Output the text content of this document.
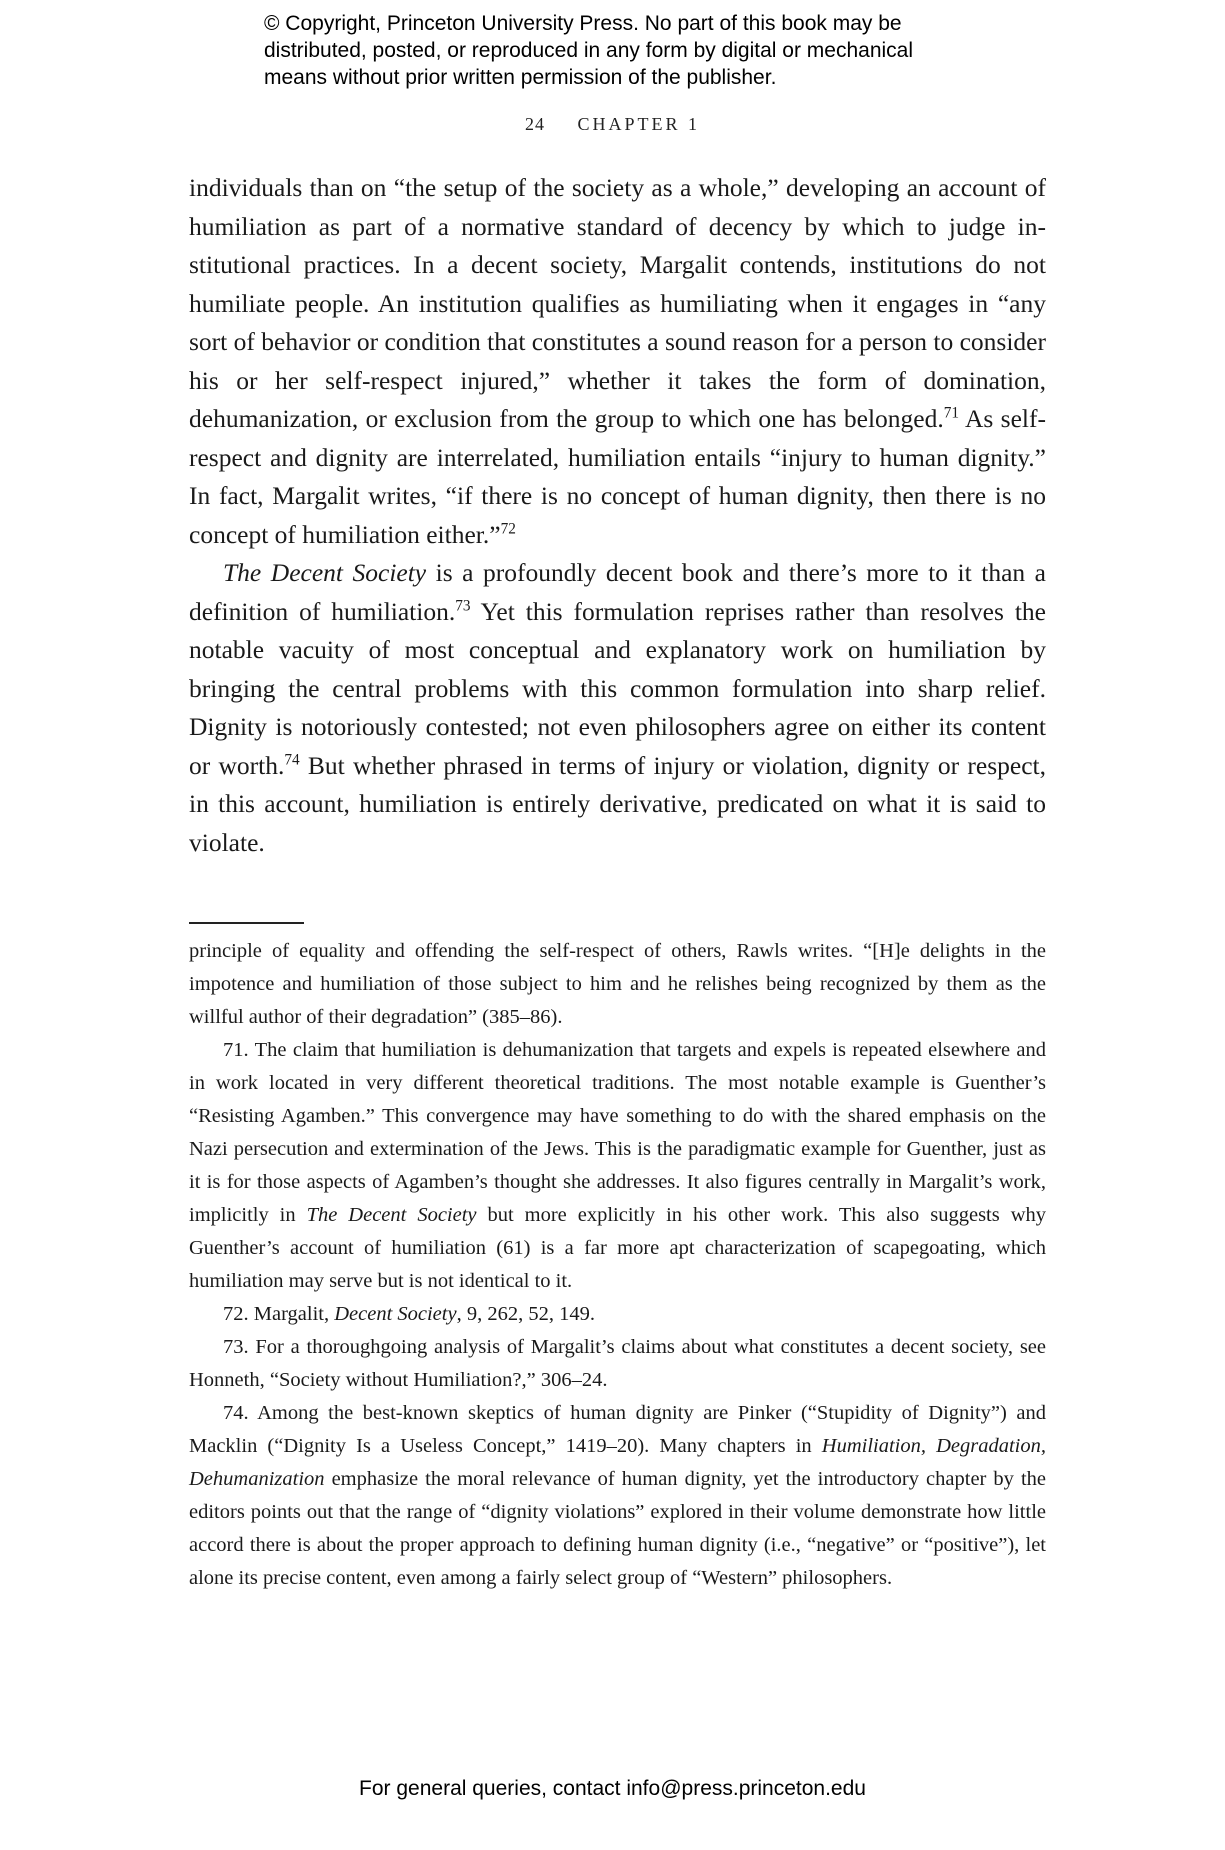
© Copyright, Princeton University Press. No part of this book may be
distributed, posted, or reproduced in any form by digital or mechanical
means without prior written permission of the publisher.
24 CHAPTER 1

individuals than on “the setup of the society as a whole,” developing an account of humiliation as part of a normative standard of decency by which to judge institutional practices. In a decent society, Margalit contends, institutions do not humiliate people. An institution qualifies as humiliating when it engages in “any sort of behavior or condition that constitutes a sound reason for a person to consider his or her self-respect injured,” whether it takes the form of domination, dehumanization, or exclusion from the group to which one has belonged.$^{71}$ As self-respect and dignity are interrelated, humiliation entails “injury to human dignity.” In fact, Margalit writes, “if there is no concept of human dignity, then there is no concept of humiliation either.”$^{72}$

The Decent Society is a profoundly decent book and there’s more to it than a definition of humiliation.$^{73}$ Yet this formulation reprises rather than resolves the notable vacuity of most conceptual and explanatory work on humiliation by bringing the central problems with this common formulation into sharp relief. Dignity is notoriously contested; not even philosophers agree on either its content or worth.$^{74}$ But whether phrased in terms of injury or violation, dignity or respect, in this account, humiliation is entirely derivative, predicated on what it is said to violate.

principle of equality and offending the self-respect of others, Rawls writes. “[H]e delights in the impotence and humiliation of those subject to him and he relishes being recognized by them as the willful author of their degradation” (385–86).

71. The claim that humiliation is dehumanization that targets and expels is repeated elsewhere and in work located in very different theoretical traditions. The most notable example is Guenther’s “Resisting Agamben.” This convergence may have something to do with the shared emphasis on the Nazi persecution and extermination of the Jews. This is the paradigmatic example for Guenther, just as it is for those aspects of Agamben’s thought she addresses. It also figures centrally in Margalit’s work, implicitly in The Decent Society but more explicitly in his other work. This also suggests why Guenther’s account of humiliation (61) is a far more apt characterization of scapegoating, which humiliation may serve but is not identical to it.

72. Margalit, Decent Society, 9, 262, 52, 149.

73. For a thoroughgoing analysis of Margalit’s claims about what constitutes a decent society, see Honneth, “Society without Humiliation?,” 306–24.

74. Among the best-known skeptics of human dignity are Pinker (“Stupidity of Dignity”) and Macklin (“Dignity Is a Useless Concept,” 1419–20). Many chapters in Humiliation, Degradation, Dehumanization emphasize the moral relevance of human dignity, yet the introductory chapter by the editors points out that the range of “dignity violations” explored in their volume demonstrate how little accord there is about the proper approach to defining human dignity (i.e., “negative” or “positive”), let alone its precise content, even among a fairly select group of “Western” philosophers.

For general queries, contact info@press.princeton.edu
